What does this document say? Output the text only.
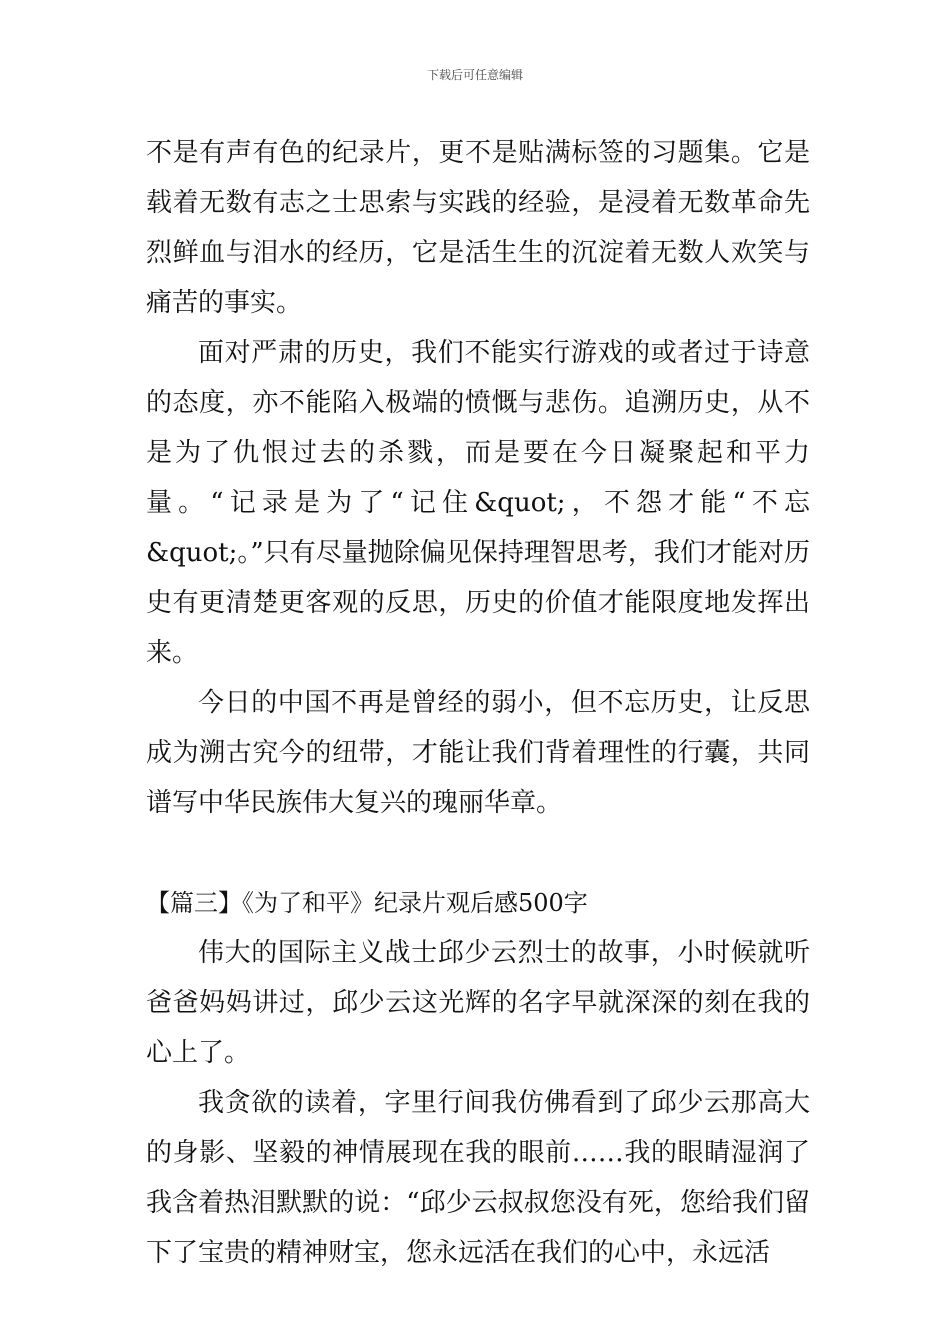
下载后可任意编辑

不是有声有色的纪录片，更不是贴满标签的习题集。它是载着无数有志之士思索与实践的经验，是浸着无数革命先烈鲜血与泪水的经历，它是活生生的沉淀着无数人欢笑与痛苦的事实。

面对严肃的历史，我们不能实行游戏的或者过于诗意的态度，亦不能陷入极端的愤慨与悲伤。追溯历史，从不是为了仇恨过去的杀戮，而是要在今日凝聚起和平力量。“记录是为了“记住&quot;，不怨才能“不忘&quot;。”只有尽量抛除偏见保持理智思考，我们才能对历史有更清楚更客观的反思，历史的价值才能限度地发挥出来。

今日的中国不再是曾经的弱小，但不忘历史，让反思成为溯古究今的纽带，才能让我们背着理性的行囊，共同谱写中华民族伟大复兴的瑰丽华章。

【篇三】《为了和平》纪录片观后感500字

伟大的国际主义战士邱少云烈士的故事，小时候就听爸爸妈妈讲过，邱少云这光辉的名字早就深深的刻在我的心上了。

我贪欲的读着，字里行间我仿佛看到了邱少云那高大的身影、坚毅的神情展现在我的眼前……我的眼睛湿润了我含着热泪默默的说：“邱少云叔叔您没有死，您给我们留下了宝贵的精神财宝，您永远活在我们的心中，永远活
